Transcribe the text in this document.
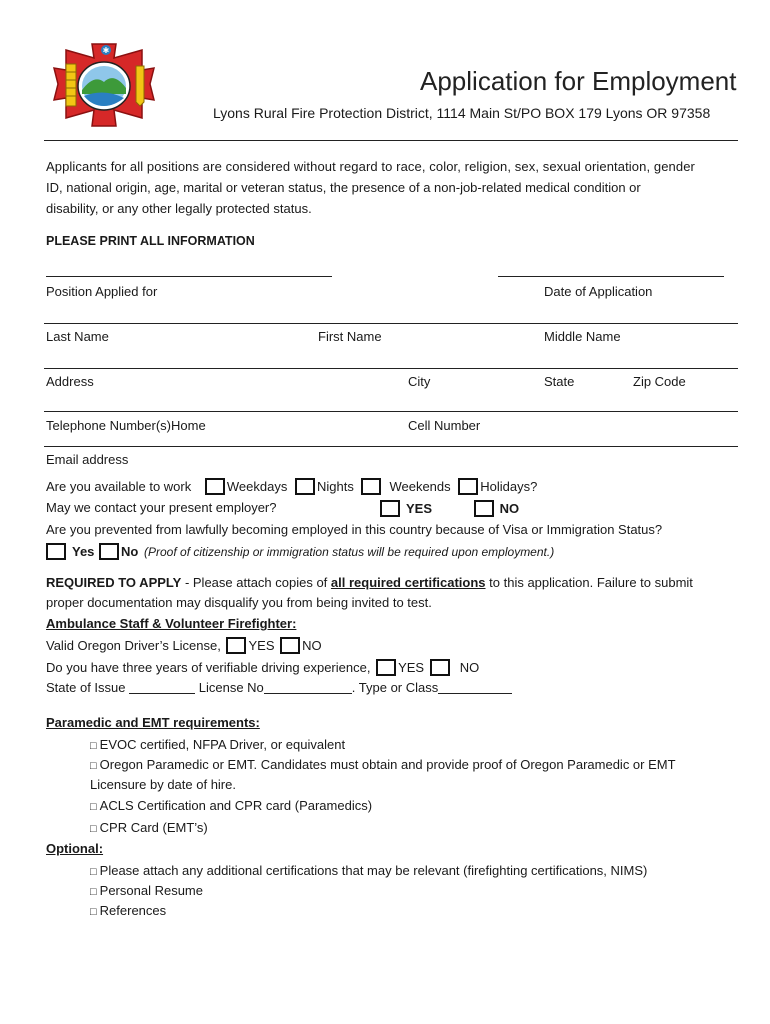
✱
Application for Employment
Lyons Rural Fire Protection District, 1114 Main St/PO BOX 179 Lyons OR 97358
Applicants for all positions are considered without regard to race, color, religion, sex, sexual orientation, gender
ID, national origin, age, marital or veteran status, the presence of a non-job-related medical condition or
disability, or any other legally protected status.
PLEASE PRINT ALL INFORMATION
Position Applied for	Date of Application
Last Name	First Name	Middle Name
Address	City	State	Zip Code
Telephone Number(s)Home	Cell Number
Email address
Are you available to work	Weekdays Nights	Weekends Holidays?
May we contact your present employer?	YES	NO
Are you prevented from lawfully becoming employed in this country because of Visa or Immigration Status?
Yes No (Proof of citizenship or immigration status will be required upon employment.)
REQUIRED TO APPLY - Please attach copies of all required certifications to this application. Failure to submit
proper documentation may disqualify you from being invited to test.
Ambulance Staff & Volunteer Firefighter:
Valid Oregon Driver’s License, YES NO
Do you have three years of verifiable driving experience, YES	NO
State of Issue	License No	. Type or Class
Paramedic and EMT requirements:
□ EVOC certified, NFPA Driver, or equivalent
□ Oregon Paramedic or EMT. Candidates must obtain and provide proof of Oregon Paramedic or EMT
Licensure by date of hire.
□ ACLS Certification and CPR card (Paramedics)
□ CPR Card (EMT’s)
Optional:
□ Please attach any additional certifications that may be relevant (firefighting certifications, NIMS)
□ Personal Resume
□ References
